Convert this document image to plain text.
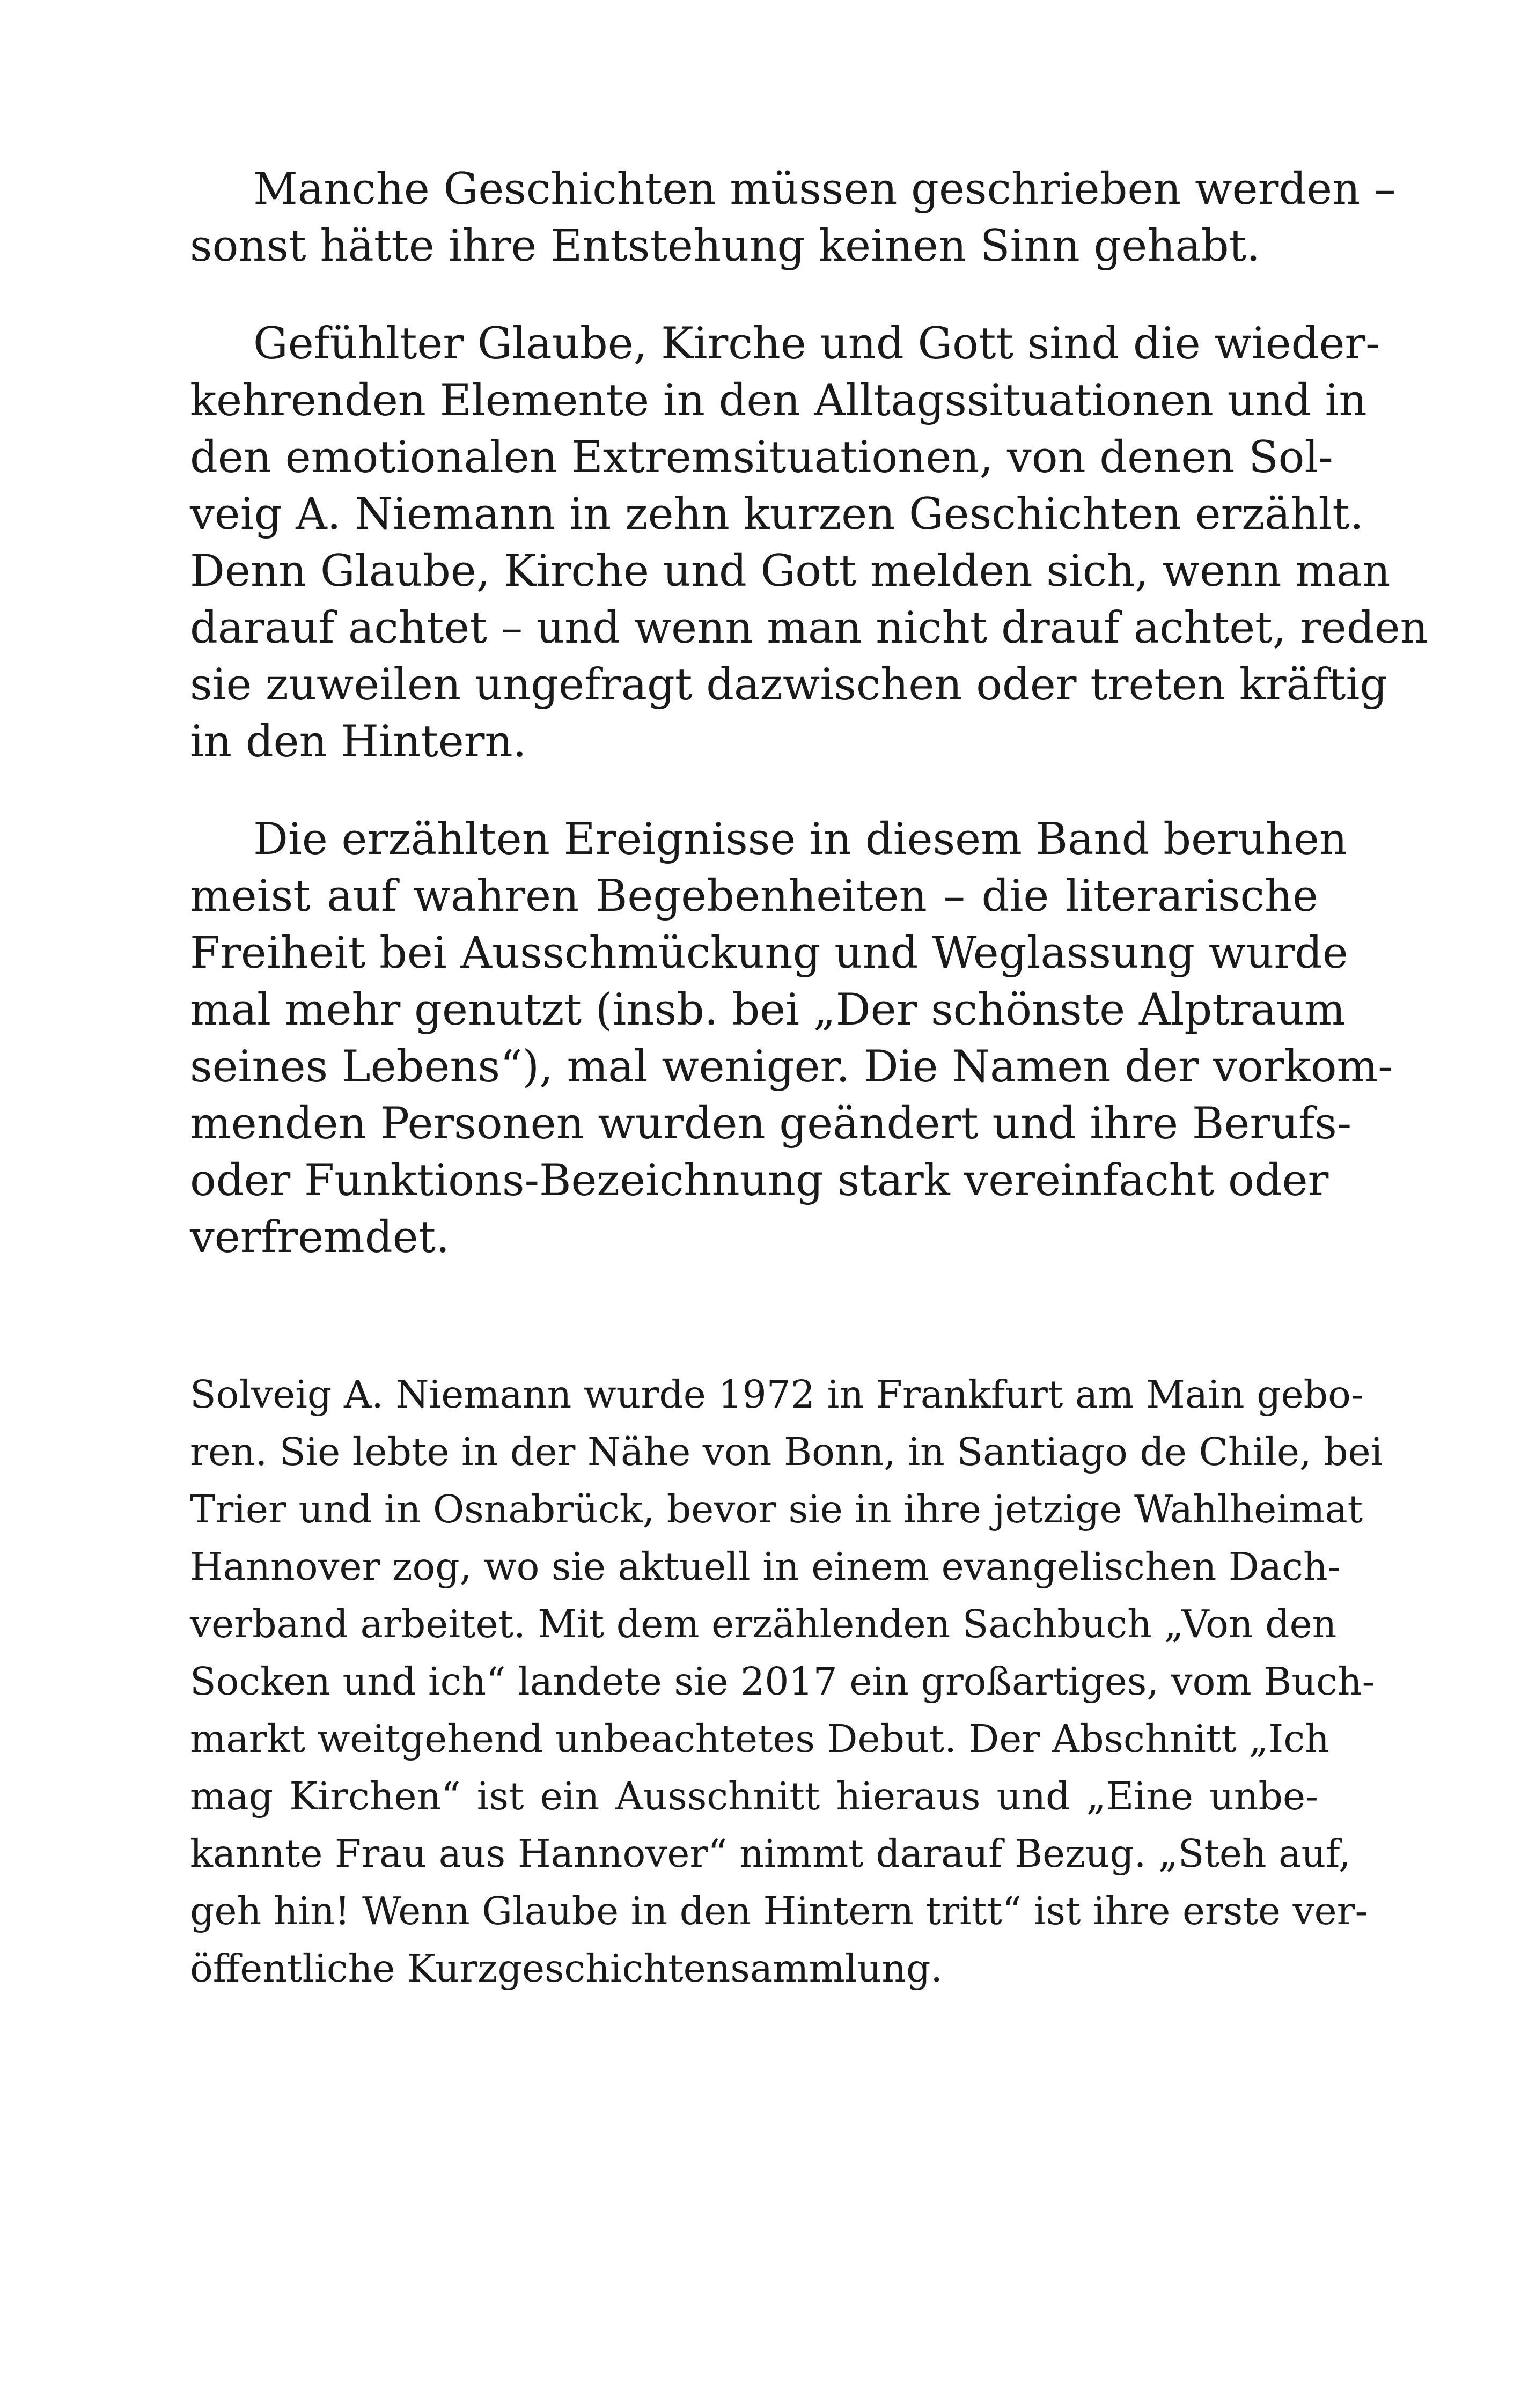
Manche Geschichten müssen geschrieben werden –
sonst hätte ihre Entstehung keinen Sinn gehabt.
Gefühlter Glaube, Kirche und Gott sind die wieder-
kehrenden Elemente in den Alltagssituationen und in
den emotionalen Extremsituationen, von denen Sol-
veig A. Niemann in zehn kurzen Geschichten erzählt.
Denn Glaube, Kirche und Gott melden sich, wenn man
darauf achtet – und wenn man nicht drauf achtet, reden
sie zuweilen ungefragt dazwischen oder treten kräftig
in den Hintern.
Die erzählten Ereignisse in diesem Band beruhen
meist auf wahren Begebenheiten – die literarische
Freiheit bei Ausschmückung und Weglassung wurde
mal mehr genutzt (insb. bei „Der schönste Alptraum
seines Lebens“), mal weniger. Die Namen der vorkom-
menden Personen wurden geändert und ihre Berufs-
oder Funktions-Bezeichnung stark vereinfacht oder
verfremdet.
Solveig A. Niemann wurde 1972 in Frankfurt am Main gebo-
ren. Sie lebte in der Nähe von Bonn, in Santiago de Chile, bei
Trier und in Osnabrück, bevor sie in ihre jetzige Wahlheimat
Hannover zog, wo sie aktuell in einem evangelischen Dach-
verband arbeitet. Mit dem erzählenden Sachbuch „Von den
Socken und ich“ landete sie 2017 ein großartiges, vom Buch-
markt weitgehend unbeachtetes Debut. Der Abschnitt „Ich
mag Kirchen“ ist ein Ausschnitt hieraus und „Eine unbe-
kannte Frau aus Hannover“ nimmt darauf Bezug. „Steh auf,
geh hin! Wenn Glaube in den Hintern tritt“ ist ihre erste ver-
öffentliche Kurzgeschichtensammlung.
